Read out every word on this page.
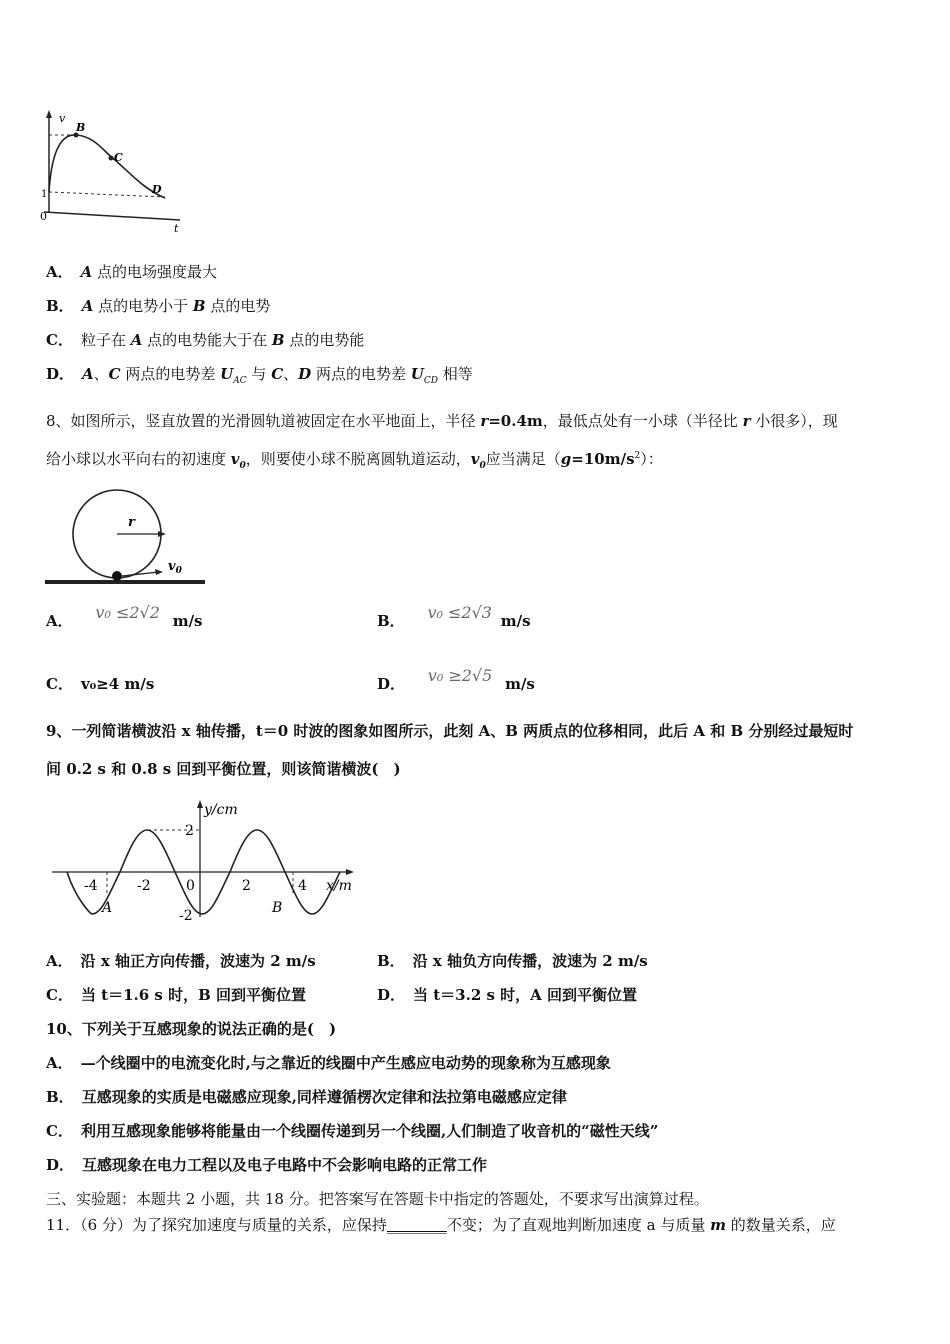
v
0
t
1
B
C
D
A． A 点的电场强度最大
B． A 点的电势小于 B 点的电势
C． 粒子在 A 点的电势能大于在 B 点的电势能
D． A、C 两点的电势差 $U_{AC}$ 与 C、D 两点的电势差 $U_{CD}$ 相等
8、如图所示，竖直放置的光滑圆轨道被固定在水平地面上，半径 r=0.4m，最低点处有一小球（半径比 r 小很多），现
给小球以水平向右的初速度 $v_0$，则要使小球不脱离圆轨道运动，$v_0$应当满足$(g=10m/s^2)$：
r
$v_0$
A． v₀ ≤2√2 m/s	B． v₀ ≤2√3 m/s
C． v₀≥4 m/s	D． v₀ ≥2√5 m/s
9、一列简谐横波沿 x 轴传播，t＝0 时波的图象如图所示，此刻 A、B 两质点的位移相同，此后 A 和 B 分别经过最短时
间 0.2 s 和 0.8 s 回到平衡位置，则该简谐横波(　)
y/cm
x/m
-4	-2	0	2	4
2
-2
A	B
A． 沿 x 轴正方向传播，波速为 2 m/s	B． 沿 x 轴负方向传播，波速为 2 m/s
C． 当 t＝1.6 s 时，B 回到平衡位置	D． 当 t＝3.2 s 时，A 回到平衡位置
10、下列关于互感现象的说法正确的是(　)
A． —个线圈中的电流变化时,与之靠近的线圈中产生感应电动势的现象称为互感现象
B． 互感现象的实质是电磁感应现象,同样遵循楞次定律和法拉第电磁感应定律
C． 利用互感现象能够将能量由一个线圈传递到另一个线圈,人们制造了收音机的“磁性天线”
D． 互感现象在电力工程以及电子电路中不会影响电路的正常工作
三、实验题：本题共 2 小题，共 18 分。把答案写在答题卡中指定的答题处，不要求写出演算过程。
11．（6 分）为了探究加速度与质量的关系，应保持________不变；为了直观地判断加速度 a 与质量 m 的数量关系，应
